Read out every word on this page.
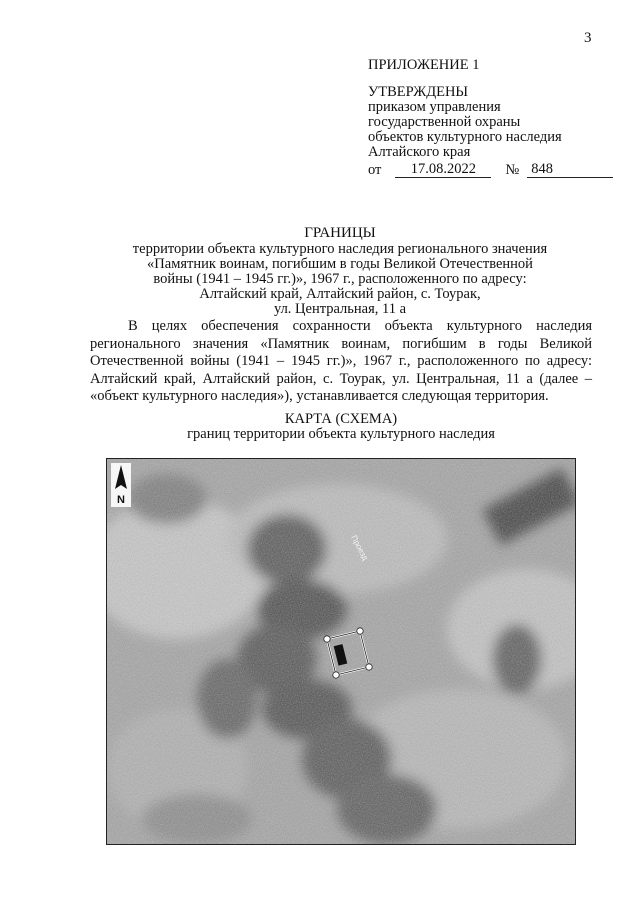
3
ПРИЛОЖЕНИЕ 1
УТВЕРЖДЕНЫ
приказом управления
государственной охраны
объектов культурного наследия
Алтайского края
от	17.08.2022	№ 848
ГРАНИЦЫ
территории объекта культурного наследия регионального значения
«Памятник воинам, погибшим в годы Великой Отечественной
войны (1941 – 1945 гг.)», 1967 г., расположенного по адресу:
Алтайский край, Алтайский район, с. Тоурак,
ул. Центральная, 11 а
В целях обеспечения сохранности объекта культурного наследия регионального значения «Памятник воинам, погибшим в годы Великой Отечественной войны (1941 – 1945 гг.)», 1967 г., расположенного по адресу: Алтайский край, Алтайский район, с. Тоурак, ул. Центральная, 11 а (далее – «объект культурного наследия»), устанавливается следующая территория.
КАРТА (СХЕМА)
границ территории объекта культурного наследия
Проезд
N
